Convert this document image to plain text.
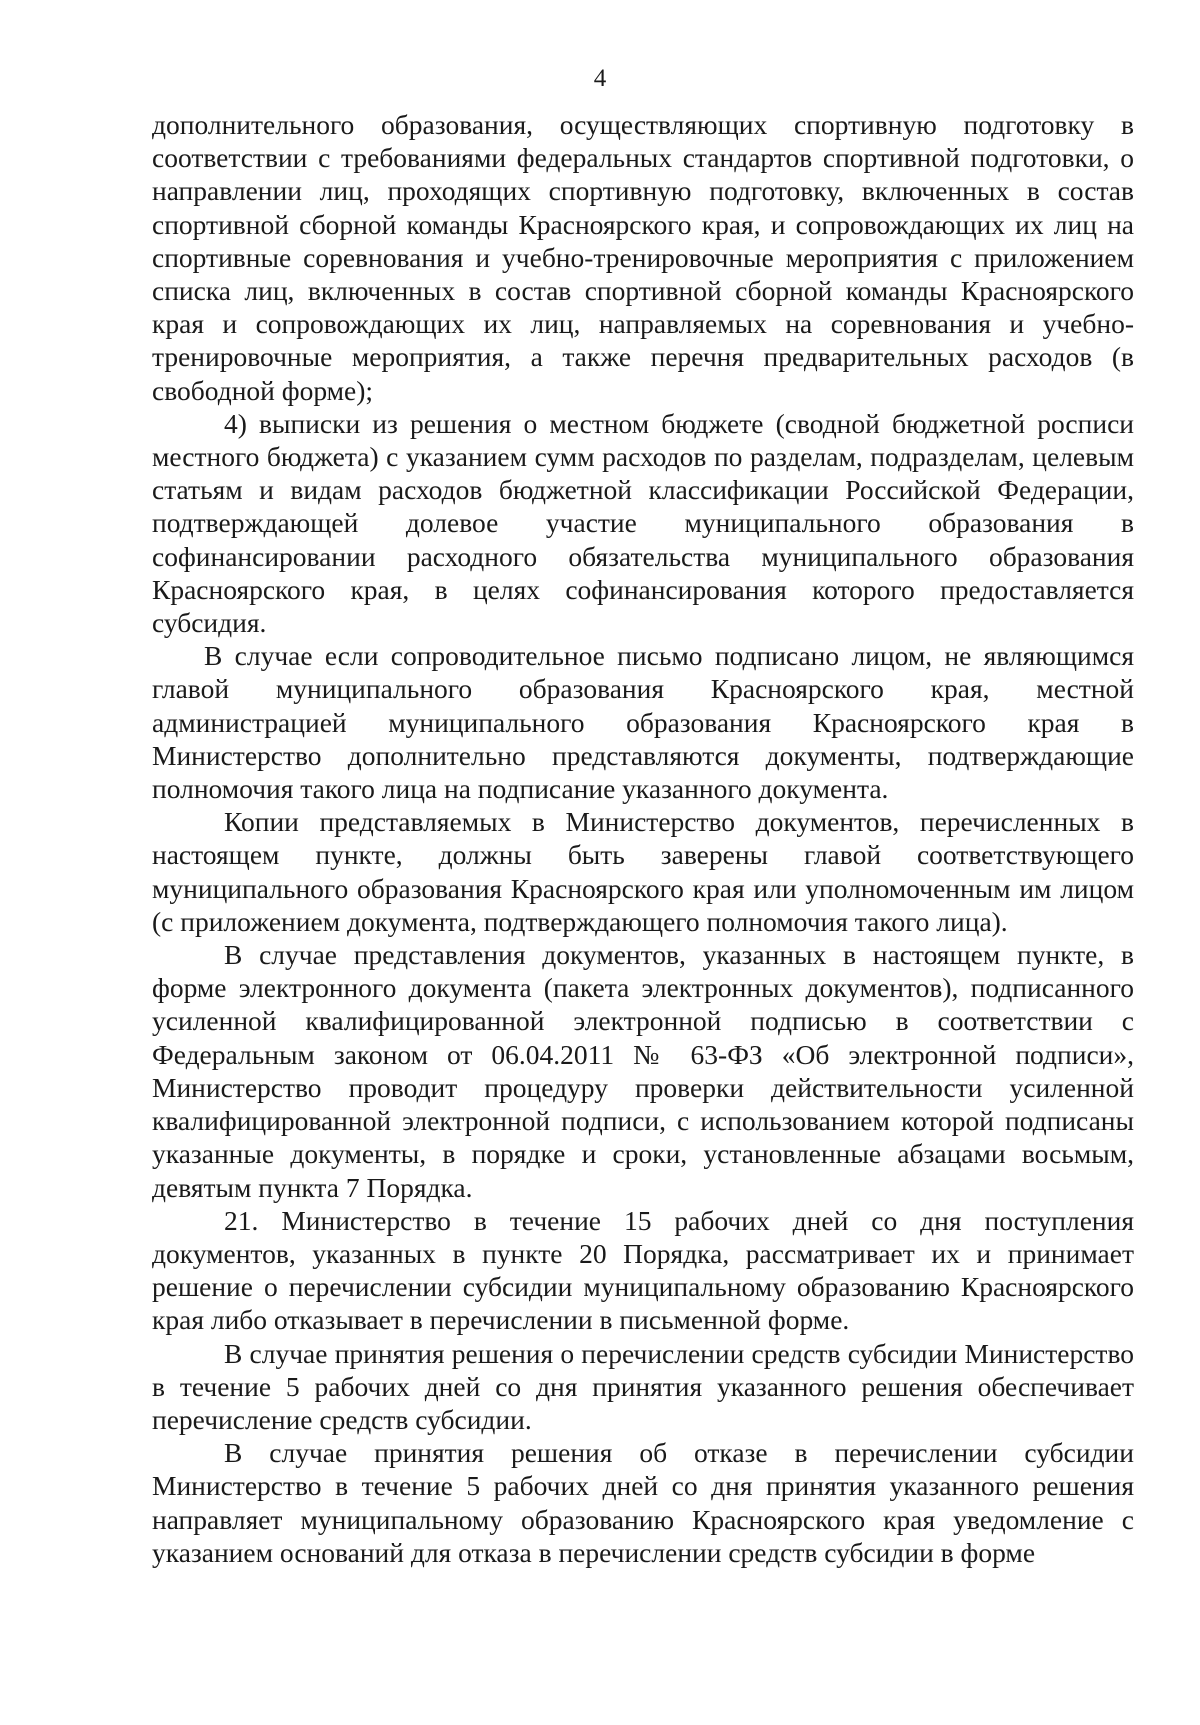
4

дополнительного образования, осуществляющих спортивную подготовку в соответствии с требованиями федеральных стандартов спортивной подготовки, о направлении лиц, проходящих спортивную подготовку, включенных в состав спортивной сборной команды Красноярского края, и сопровождающих их лиц на спортивные соревнования и учебно-тренировочные мероприятия с приложением списка лиц, включенных в состав спортивной сборной команды Красноярского края и сопровождающих их лиц, направляемых на соревнования и учебно-тренировочные мероприятия, а также перечня предварительных расходов (в свободной форме);

4) выписки из решения о местном бюджете (сводной бюджетной росписи местного бюджета) с указанием сумм расходов по разделам, подразделам, целевым статьям и видам расходов бюджетной классификации Российской Федерации, подтверждающей долевое участие муниципального образования в софинансировании расходного обязательства муниципального образования Красноярского края, в целях софинансирования которого предоставляется субсидия.

В случае если сопроводительное письмо подписано лицом, не являющимся главой муниципального образования Красноярского края, местной администрацией муниципального образования Красноярского края в Министерство дополнительно представляются документы, подтверждающие полномочия такого лица на подписание указанного документа.

Копии представляемых в Министерство документов, перечисленных в настоящем пункте, должны быть заверены главой соответствующего муниципального образования Красноярского края или уполномоченным им лицом (с приложением документа, подтверждающего полномочия такого лица).

В случае представления документов, указанных в настоящем пункте, в форме электронного документа (пакета электронных документов), подписанного усиленной квалифицированной электронной подписью в соответствии с Федеральным законом от 06.04.2011 № 63-ФЗ «Об электронной подписи», Министерство проводит процедуру проверки действительности усиленной квалифицированной электронной подписи, с использованием которой подписаны указанные документы, в порядке и сроки, установленные абзацами восьмым, девятым пункта 7 Порядка.

21. Министерство в течение 15 рабочих дней со дня поступления документов, указанных в пункте 20 Порядка, рассматривает их и принимает решение о перечислении субсидии муниципальному образованию Красноярского края либо отказывает в перечислении в письменной форме.

В случае принятия решения о перечислении средств субсидии Министерство в течение 5 рабочих дней со дня принятия указанного решения обеспечивает перечисление средств субсидии.

В случае принятия решения об отказе в перечислении субсидии Министерство в течение 5 рабочих дней со дня принятия указанного решения направляет муниципальному образованию Красноярского края уведомление с указанием оснований для отказа в перечислении средств субсидии в форме
